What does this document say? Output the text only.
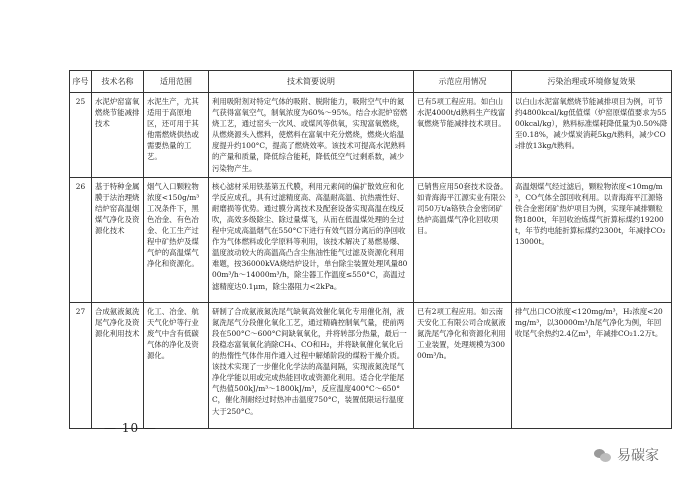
序号	技术名称	适用范围	技术简要说明	示范应用情况	污染治理或环境修复效果
25	水泥炉窑富氧燃烧节能减排技术	水泥生产，尤其适用于高原地区，还可用于其他需燃烧供热或需要热量的工艺。	利用吸附剂对特定气体的吸附、脱附能力，吸附空气中的氮气获得富氧空气，制氧浓度为60%～95%。结合水泥炉窑燃烧工艺，通过窑头一次风、或煤风等供氧，实现富氧燃烧，从燃烧源头入燃料，使燃料在富氧中充分燃烧，燃烧火焰温度提升约100°C，提高了燃烧效率。该技术可提高水泥熟料的产量和质量，降低综合能耗，降低低空气过剩系数，减少污染物产生。	已有5项工程应用。如白山水泥4000t/d熟料生产线富氧燃烧节能减排技术项目。	以白山水泥富氧燃烧节能减排项目为例，可节约4800kcal/kg低值煤（炉窑原煤值要求为5500kcal/kg），熟料标准煤耗降低量为0.50%降至0.18%，减少煤炭消耗5kg/t熟料，减少CO₂排放13kg/t熟料。
26	基于特种金属膜于法治理烧结炉窑高温烟煤气净化及资源化技术	烟气入口颗粒物浓度<150g/m³工况条件下，黑色冶金、有色冶金、化工生产过程中矿热炉及煤气炉的高温煤气净化和资源化。	核心滤材采用铁基第五代膜，利用元素间的偏扩散效应和化学反应成孔，具有过滤精度高、高温耐高温、抗热震性好、耐磨损等优势。通过膜分离技术及配套设备实现高温在线反吹，高效多级除尘、除过量煤飞，从而在低温煤处理的全过程中完成高温烟气在550°C下进行有效气固分离后的净回收作为气体燃料或化学原料等利用，该技术解决了易燃易爆、温度波动较大的高温高凸含尘焦油性能气过滤及资源化利用难题，按36000kVA烧结炉设计，单台除尘装置处理风量8000m³/h～14000m³/h，除尘器工作温度≤550°C，高温过滤精度达0.1μm，除尘器阻力<2kPa。	已销售应用50套技术设备。如青海海平江源实业有限公司50万t/a铬铁合金密闭矿热炉高温煤气净化回收项目。	高温烟煤气经过滤后，颗粒物浓度<10mg/m³，CO气体全部回收利用。以青海海平江源铬铁合金密闭矿热炉项目为例，实现年减排颗粒物1800t，年回收治炼煤气折算标煤约19200t，年节约电能折算标煤约2300t，年减排CO₂13000t。
27	合成氨液氮洗尾气净化及资源化利用技术	化工、冶金、航天气化炉等行业废气中含有低碳气体的净化及资源化。	研制了合成氨液氮洗尾气缺氧高效催化氧化专用催化剂，液氮洗尾气分段催化氧化工艺，通过精确控制氧气量，使前两段在500°C～600°C间缺氧氧化，并将转部分热量，最后一段稳态富氧氧化消除CH₄、CO和H₂，并将缺氧催化氧化后的热惰性气体作用作通入过程中解烯阶段的煤粉干燥介质。该技术实现了一步催化化学法的高温间隔，实现液氮洗尾气净化学能以用或完成热能回收或资源化利用。适合化学能尾气热值500kJ/m³～1800kJ/m³，反应温度400°C～650°C，催化剂耐经过时热冲击温度750°C，装置低限运行温度大于250°C。	已有2项工程应用。如云南天安化工有限公司合成氨液氮洗尾气净化和资源化利用工业装置，处理规模为30000m³/h。	排气出口CO浓度<120mg/m³，H₂浓度<20mg/m³，以30000m³/h尾气净化为例，年回收尾气余热约2.4亿m³，年减排CO₂1.2万t。
— 10 —
易碳家
